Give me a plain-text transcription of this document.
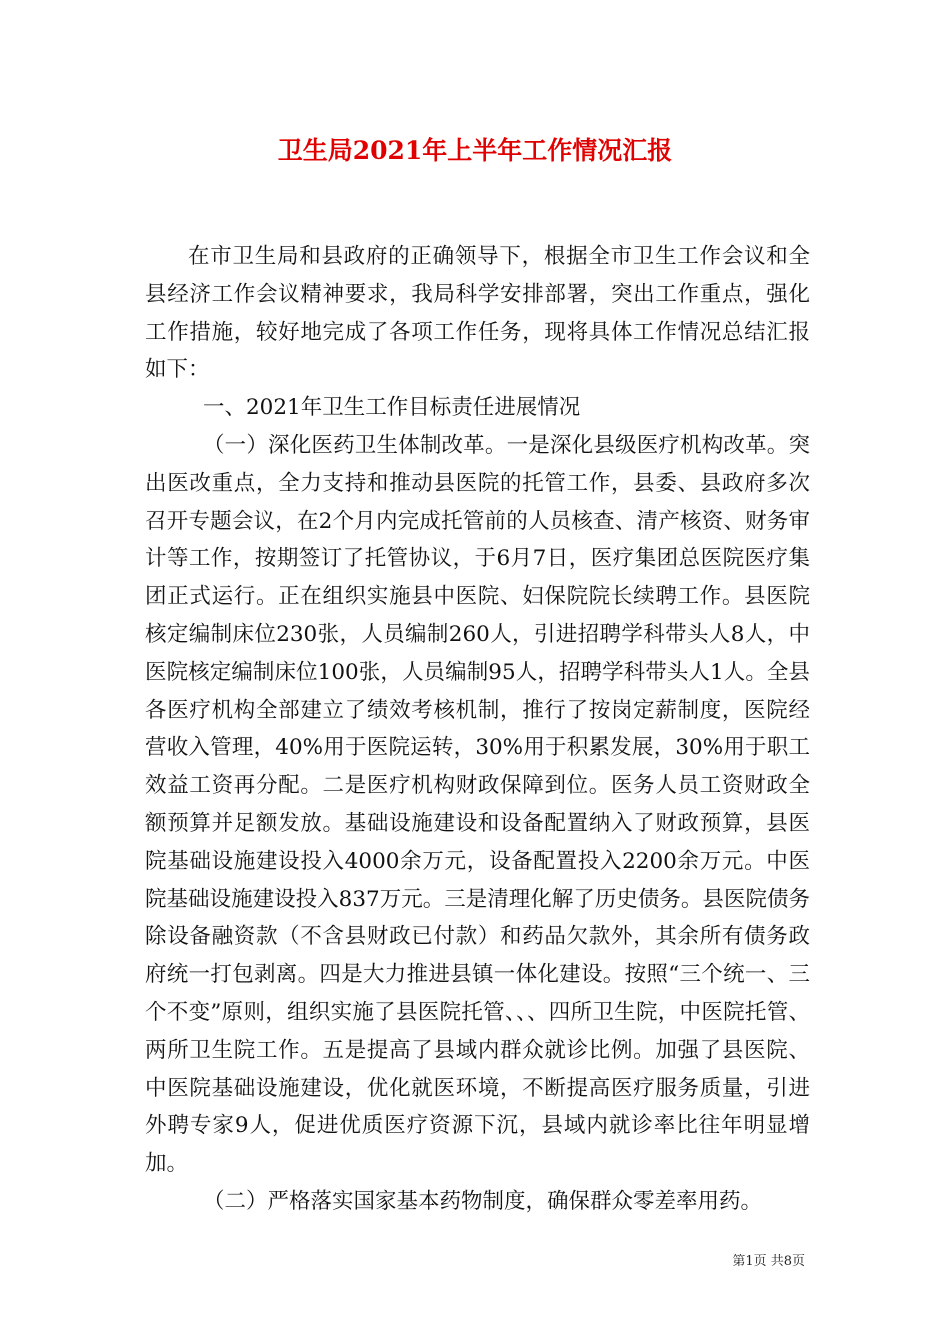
卫生局2021年上半年工作情况汇报

在市卫生局和县政府的正确领导下，根据全市卫生工作会议和全县经济工作会议精神要求，我局科学安排部署，突出工作重点，强化工作措施，较好地完成了各项工作任务，现将具体工作情况总结汇报如下：

一、2021年卫生工作目标责任进展情况

（一）深化医药卫生体制改革。一是深化县级医疗机构改革。突出医改重点，全力支持和推动县医院的托管工作，县委、县政府多次召开专题会议，在2个月内完成托管前的人员核查、清产核资、财务审计等工作，按期签订了托管协议，于6月7日，医疗集团总医院医疗集团正式运行。正在组织实施县中医院、妇保院院长续聘工作。县医院核定编制床位230张，人员编制260人，引进招聘学科带头人8人，中医院核定编制床位100张，人员编制95人，招聘学科带头人1人。全县各医疗机构全部建立了绩效考核机制，推行了按岗定薪制度，医院经营收入管理，40%用于医院运转，30%用于积累发展，30%用于职工效益工资再分配。二是医疗机构财政保障到位。医务人员工资财政全额预算并足额发放。基础设施建设和设备配置纳入了财政预算，县医院基础设施建设投入4000余万元，设备配置投入2200余万元。中医院基础设施建设投入837万元。三是清理化解了历史债务。县医院债务除设备融资款（不含县财政已付款）和药品欠款外，其余所有债务政府统一打包剥离。四是大力推进县镇一体化建设。按照“三个统一、三个不变”原则，组织实施了县医院托管、、、四所卫生院，中医院托管、两所卫生院工作。五是提高了县域内群众就诊比例。加强了县医院、中医院基础设施建设，优化就医环境，不断提高医疗服务质量，引进外聘专家9人，促进优质医疗资源下沉，县域内就诊率比往年明显增加。

（二）严格落实国家基本药物制度，确保群众零差率用药。

第1页 共8页
